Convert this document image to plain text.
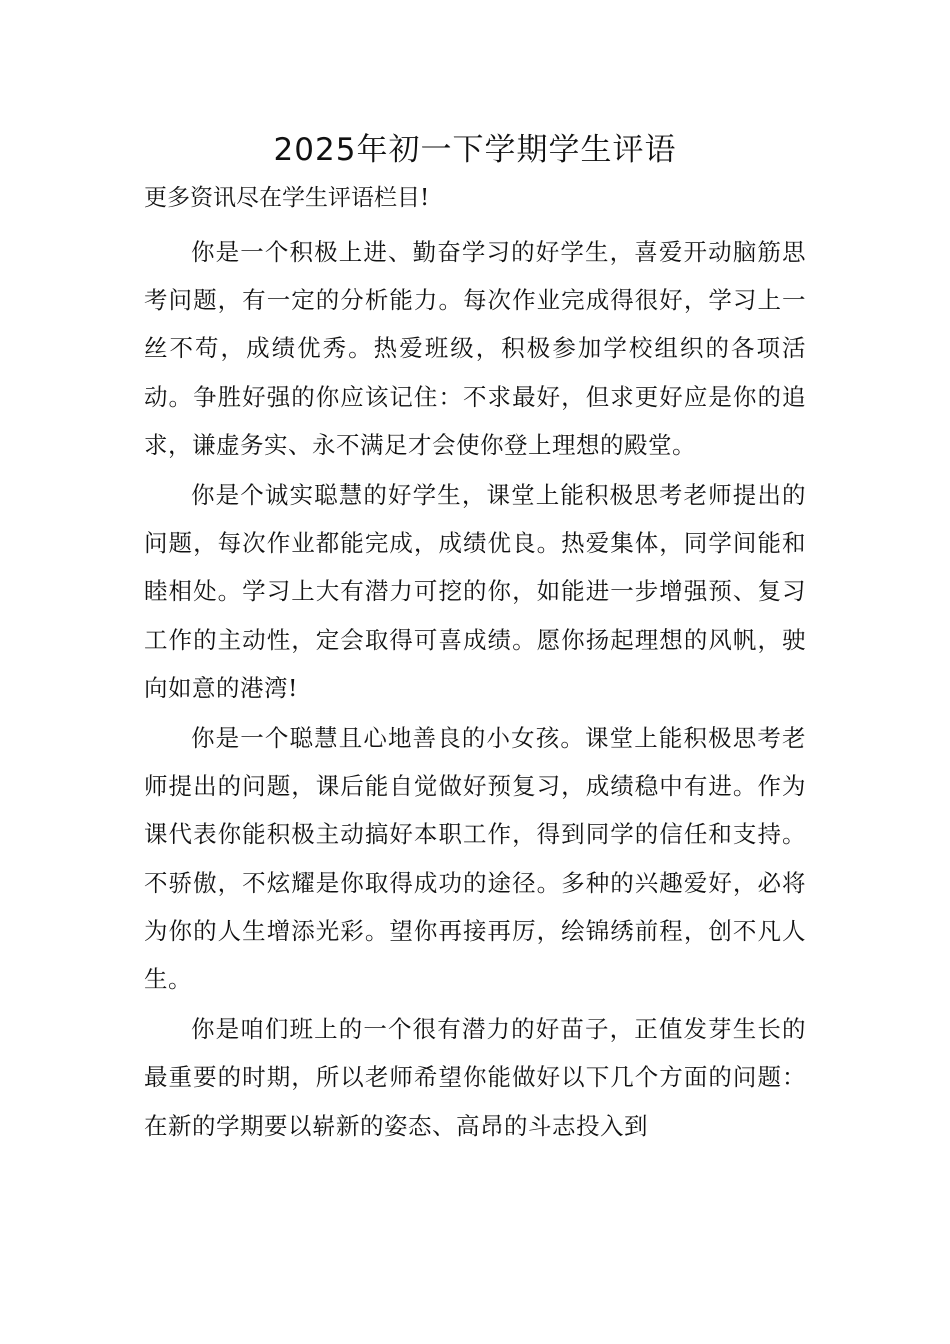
2025年初一下学期学生评语

更多资讯尽在学生评语栏目!

你是一个积极上进、勤奋学习的好学生，喜爱开动脑筋思考问题，有一定的分析能力。每次作业完成得很好，学习上一丝不苟，成绩优秀。热爱班级，积极参加学校组织的各项活动。争胜好强的你应该记住：不求最好，但求更好应是你的追求，谦虚务实、永不满足才会使你登上理想的殿堂。

你是个诚实聪慧的好学生，课堂上能积极思考老师提出的问题，每次作业都能完成，成绩优良。热爱集体，同学间能和睦相处。学习上大有潜力可挖的你，如能进一步增强预、复习工作的主动性，定会取得可喜成绩。愿你扬起理想的风帆，驶向如意的港湾!

你是一个聪慧且心地善良的小女孩。课堂上能积极思考老师提出的问题，课后能自觉做好预复习，成绩稳中有进。作为课代表你能积极主动搞好本职工作，得到同学的信任和支持。不骄傲，不炫耀是你取得成功的途径。多种的兴趣爱好，必将为你的人生增添光彩。望你再接再厉，绘锦绣前程，创不凡人生。

你是咱们班上的一个很有潜力的好苗子，正值发芽生长的最重要的时期，所以老师希望你能做好以下几个方面的问题：在新的学期要以崭新的姿态、高昂的斗志投入到
